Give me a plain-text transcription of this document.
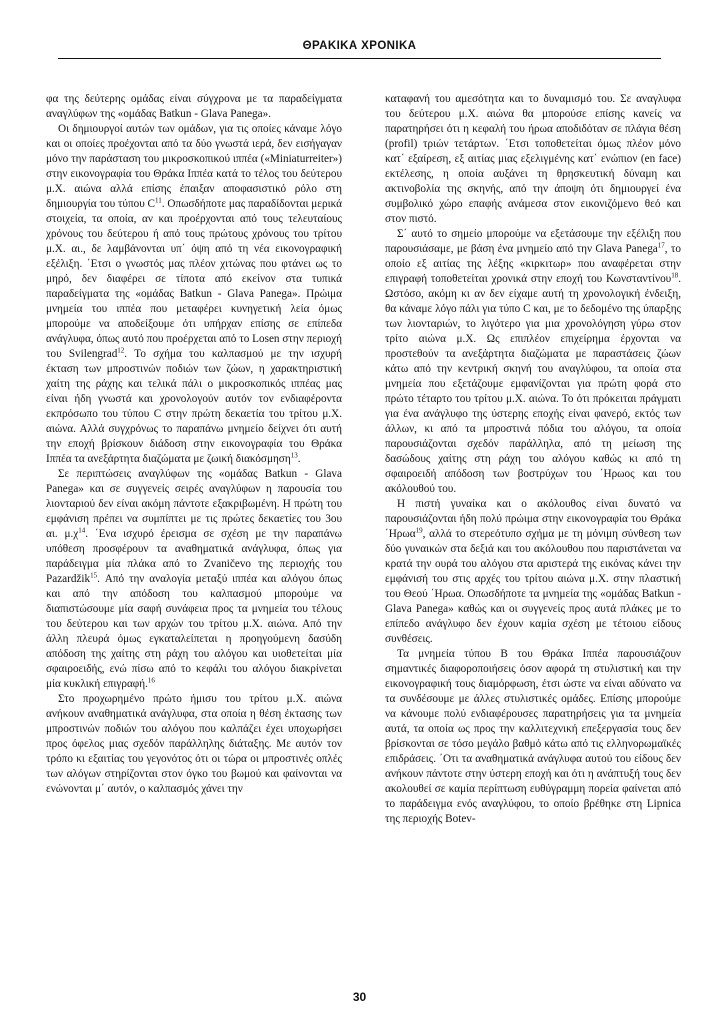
ΘΡΑΚΙΚΑ ΧΡΟΝΙΚΑ

φα της δεύτερης ομάδας είναι σύγχρονα με τα παραδείγματα αναγλύφων της «ομάδας Batkun - Glava Panega».

Οι δημιουργοί αυτών των ομάδων, για τις οποίες κάναμε λόγο και οι οποίες προέχονται από τα δύο γνωστά ιερά, δεν εισήγαγαν μόνο την παράσταση του μικροσκοπικού ιππέα («Miniaturreiter») στην εικονογραφία του Θράκα Ιππέα κατά το τέλος του δεύτερου μ.Χ. αιώνα αλλά επίσης έπαιξαν αποφασιστικό ρόλο στη δημιουργία του τύπου $C^{11}$. Οπωσδήποτε μας παραδίδονται μερικά στοιχεία, τα οποία, αν και προέρχονται από τους τελευταίους χρόνους του δεύτερου ή από τους πρώτους χρόνους του τρίτου μ.Χ. αι., δε λαμβάνονται υπ΄ όψη από τη νέα εικονογραφική εξέλιξη. ΄Ετσι ο γνωστός μας πλέον χιτώνας που φτάνει ως το μηρό, δεν διαφέρει σε τίποτα από εκείνον στα τυπικά παραδείγματα της «ομάδας Batkun - Glava Panega». Πρώιμα μνημεία του ιππέα που μεταφέρει κυνηγετική λεία όμως μπορούμε να αποδείξουμε ότι υπήρχαν επίσης σε επίπεδα ανάγλυφα, όπως αυτό που προέρχεται από το Losen στην περιοχή του Svilengrad$^{12}$. Το σχήμα του καλπασμού με την ισχυρή έκταση των μπροστινών ποδιών των ζώων, η χαρακτηριστική χαίτη της ράχης και τελικά πάλι ο μικροσκοπικός ιππέας μας είναι ήδη γνωστά και χρονολογούν αυτόν τον ενδιαφέροντα εκπρόσωπο του τύπου C στην πρώτη δεκαετία του τρίτου μ.Χ. αιώνα. Αλλά συγχρόνως το παραπάνω μνημείο δείχνει ότι αυτή την εποχή βρίσκουν διάδοση στην εικονογραφία του Θράκα Ιππέα τα ανεξάρτητα διαζώματα με ζωική διακόσμηση$^{13}$.

Σε περιπτώσεις αναγλύφων της «ομάδας Batkun - Glava Panega» και σε συγγενείς σειρές αναγλύφων η παρουσία του λιονταριού δεν είναι ακόμη πάντοτε εξακριβωμένη. Η πρώτη του εμφάνιση πρέπει να συμπίπτει με τις πρώτες δεκαετίες του 3ου αι. $\mu.\chi^{14}$. ΄Ενα ισχυρό έρεισμα σε σχέση με την παραπάνω υπόθεση προσφέρουν τα αναθηματικά ανάγλυφα, όπως για παράδειγμα μία πλάκα από το Zvaničevo της περιοχής του Pazardžik$^{15}$. Από την αναλογία μεταξύ ιππέα και αλόγου όπως και από την απόδοση του καλπασμού μπορούμε να διαπιστώσουμε μία σαφή συνάφεια προς τα μνημεία του τέλους του δεύτερου και των αρχών του τρίτου μ.Χ. αιώνα. Από την άλλη πλευρά όμως εγκαταλείπεται η προηγούμενη δασύδη απόδοση της χαίτης στη ράχη του αλόγου και υιοθετείται μία σφαιροειδής, ενώ πίσω από το κεφάλι του αλόγου διακρίνεται μία κυκλική επιγραφή.$^{16}$

Στο προχωρημένο πρώτο ήμισυ του τρίτου μ.Χ. αιώνα ανήκουν αναθηματικά ανάγλυφα, στα οποία η θέση έκτασης των μπροστινών ποδιών του αλόγου που καλπάζει έχει υποχωρήσει προς όφελος μιας σχεδόν παράλληλης διάταξης. Με αυτόν τον τρόπο κι εξαιτίας του γεγονότος ότι οι τώρα οι μπροστινές οπλές των αλόγων στηρίζονται στον όγκο του βωμού και φαίνονται να ενώνονται μ΄ αυτόν, ο καλπασμός χάνει την

καταφανή του αμεσότητα και το δυναμισμό του. Σε αναγλυφα του δεύτερου μ.Χ. αιώνα θα μπορούσε επίσης κανείς να παρατηρήσει ότι η κεφαλή του ήρωα αποδιδόταν σε πλάγια θέση (profil) τριών τετάρτων. ΄Ετσι τοποθετείται όμως πλέον μόνο κατ΄ εξαίρεση, εξ αιτίας μιας εξελιγμένης κατ΄ ενώπιον (en face) εκτέλεσης, η οποία αυξάνει τη θρησκευτική δύναμη και ακτινοβολία της σκηνής, από την άποψη ότι δημιουργεί ένα συμβολικό χώρο επαφής ανάμεσα στον εικονιζόμενο θεό και στον πιστό.

Σ΄ αυτό το σημείο μπορούμε να εξετάσουμε την εξέλιξη που παρουσιάσαμε, με βάση ένα μνημείο από την Glava Panega$^{17}$, το οποίο εξ αιτίας της λέξης «κιρκιτωρ» που αναφέρεται στην επιγραφή τοποθετείται χρονικά στην εποχή του Κωνσταντίνου$^{18}$. Ωστόσο, ακόμη κι αν δεν είχαμε αυτή τη χρονολογική ένδειξη, θα κάναμε λόγο πάλι για τύπο C και, με το δεδομένο της ύπαρξης των λιονταριών, το λιγότερο για μια χρονολόγηση γύρω στον τρίτο αιώνα μ.Χ. Ως επιπλέον επιχείρημα έρχονται να προστεθούν τα ανεξάρτητα διαζώματα με παραστάσεις ζώων κάτω από την κεντρική σκηνή του αναγλύφου, τα οποία στα μνημεία που εξετάζουμε εμφανίζονται για πρώτη φορά στο πρώτο τέταρτο του τρίτου μ.Χ. αιώνα. Το ότι πρόκειται πράγματι για ένα ανάγλυφο της ύστερης εποχής είναι φανερό, εκτός των άλλων, κι από τα μπροστινά πόδια του αλόγου, τα οποία παρουσιάζονται σχεδόν παράλληλα, από τη μείωση της δασώδους χαίτης στη ράχη του αλόγου καθώς κι από τη σφαιροειδή απόδοση των βοστρύχων του ΄Ηρωος και του ακόλουθού του.

Η πιστή γυναίκα και ο ακόλουθος είναι δυνατό να παρουσιάζονται ήδη πολύ πρώιμα στην εικονογραφία του Θράκα ΄Ηρωα$^{19}$, αλλά το στερεότυπο σχήμα με τη μόνιμη σύνθεση των δύο γυναικών στα δεξιά και του ακόλουθου που παριστάνεται να κρατά την ουρά του αλόγου στα αριστερά της εικόνας κάνει την εμφάνισή του στις αρχές του τρίτου αιώνα μ.Χ. στην πλαστική του Θεού ΄Ηρωα. Οπωσδήποτε τα μνημεία της «ομάδας Batkun - Glava Panega» καθώς και οι συγγενείς προς αυτά πλάκες με το επίπεδο ανάγλυφο δεν έχουν καμία σχέση με τέτοιου είδους συνθέσεις.

Τα μνημεία τύπου B του Θράκα Ιππέα παρουσιάζουν σημαντικές διαφοροποιήσεις όσον αφορά τη στυλιστική και την εικονογραφική τους διαμόρφωση, έτσι ώστε να είναι αδύνατο να τα συνδέσουμε με άλλες στυλιστικές ομάδες. Επίσης μπορούμε να κάνουμε πολύ ενδιαφέρουσες παρατηρήσεις για τα μνημεία αυτά, τα οποία ως προς την καλλιτεχνική επεξεργασία τους δεν βρίσκονται σε τόσο μεγάλο βαθμό κάτω από τις ελληνορωμαϊκές επιδράσεις. ΄Οτι τα αναθηματικά ανάγλυφα αυτού του είδους δεν ανήκουν πάντοτε στην ύστερη εποχή και ότι η ανάπτυξή τους δεν ακολουθεί σε καμία περίπτωση ευθύγραμμη πορεία φαίνεται από το παράδειγμα ενός αναγλύφου, το οποίο βρέθηκε στη Lipnica της περιοχής Botev-

30
